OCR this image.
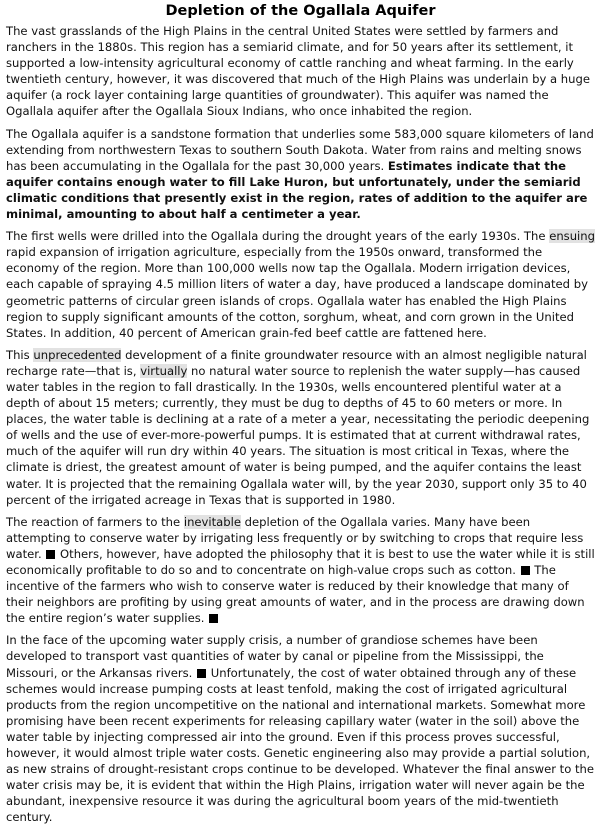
Depletion of the Ogallala Aquifer

The vast grasslands of the High Plains in the central United States were settled by farmers and ranchers in the 1880s. This region has a semiarid climate, and for 50 years after its settlement, it supported a low-intensity agricultural economy of cattle ranching and wheat farming. In the early twentieth century, however, it was discovered that much of the High Plains was underlain by a huge aquifer (a rock layer containing large quantities of groundwater). This aquifer was named the Ogallala aquifer after the Ogallala Sioux Indians, who once inhabited the region.

The Ogallala aquifer is a sandstone formation that underlies some 583,000 square kilometers of land extending from northwestern Texas to southern South Dakota. Water from rains and melting snows has been accumulating in the Ogallala for the past 30,000 years. Estimates indicate that the aquifer contains enough water to fill Lake Huron, but unfortunately, under the semiarid climatic conditions that presently exist in the region, rates of addition to the aquifer are minimal, amounting to about half a centimeter a year.

The first wells were drilled into the Ogallala during the drought years of the early 1930s. The ensuing rapid expansion of irrigation agriculture, especially from the 1950s onward, transformed the economy of the region. More than 100,000 wells now tap the Ogallala. Modern irrigation devices, each capable of spraying 4.5 million liters of water a day, have produced a landscape dominated by geometric patterns of circular green islands of crops. Ogallala water has enabled the High Plains region to supply significant amounts of the cotton, sorghum, wheat, and corn grown in the United States. In addition, 40 percent of American grain-fed beef cattle are fattened here.

This unprecedented development of a finite groundwater resource with an almost negligible natural recharge rate—that is, virtually no natural water source to replenish the water supply—has caused water tables in the region to fall drastically. In the 1930s, wells encountered plentiful water at a depth of about 15 meters; currently, they must be dug to depths of 45 to 60 meters or more. In places, the water table is declining at a rate of a meter a year, necessitating the periodic deepening of wells and the use of ever-more-powerful pumps. It is estimated that at current withdrawal rates, much of the aquifer will run dry within 40 years. The situation is most critical in Texas, where the climate is driest, the greatest amount of water is being pumped, and the aquifer contains the least water. It is projected that the remaining Ogallala water will, by the year 2030, support only 35 to 40 percent of the irrigated acreage in Texas that is supported in 1980.

The reaction of farmers to the inevitable depletion of the Ogallala varies. Many have been attempting to conserve water by irrigating less frequently or by switching to crops that require less water.  Others, however, have adopted the philosophy that it is best to use the water while it is still economically profitable to do so and to concentrate on high-value crops such as cotton.  The incentive of the farmers who wish to conserve water is reduced by their knowledge that many of their neighbors are profiting by using great amounts of water, and in the process are drawing down the entire region’s water supplies.

In the face of the upcoming water supply crisis, a number of grandiose schemes have been developed to transport vast quantities of water by canal or pipeline from the Mississippi, the Missouri, or the Arkansas rivers.  Unfortunately, the cost of water obtained through any of these schemes would increase pumping costs at least tenfold, making the cost of irrigated agricultural products from the region uncompetitive on the national and international markets. Somewhat more promising have been recent experiments for releasing capillary water (water in the soil) above the water table by injecting compressed air into the ground. Even if this process proves successful, however, it would almost triple water costs. Genetic engineering also may provide a partial solution, as new strains of drought-resistant crops continue to be developed. Whatever the final answer to the water crisis may be, it is evident that within the High Plains, irrigation water will never again be the abundant, inexpensive resource it was during the agricultural boom years of the mid-twentieth century.
